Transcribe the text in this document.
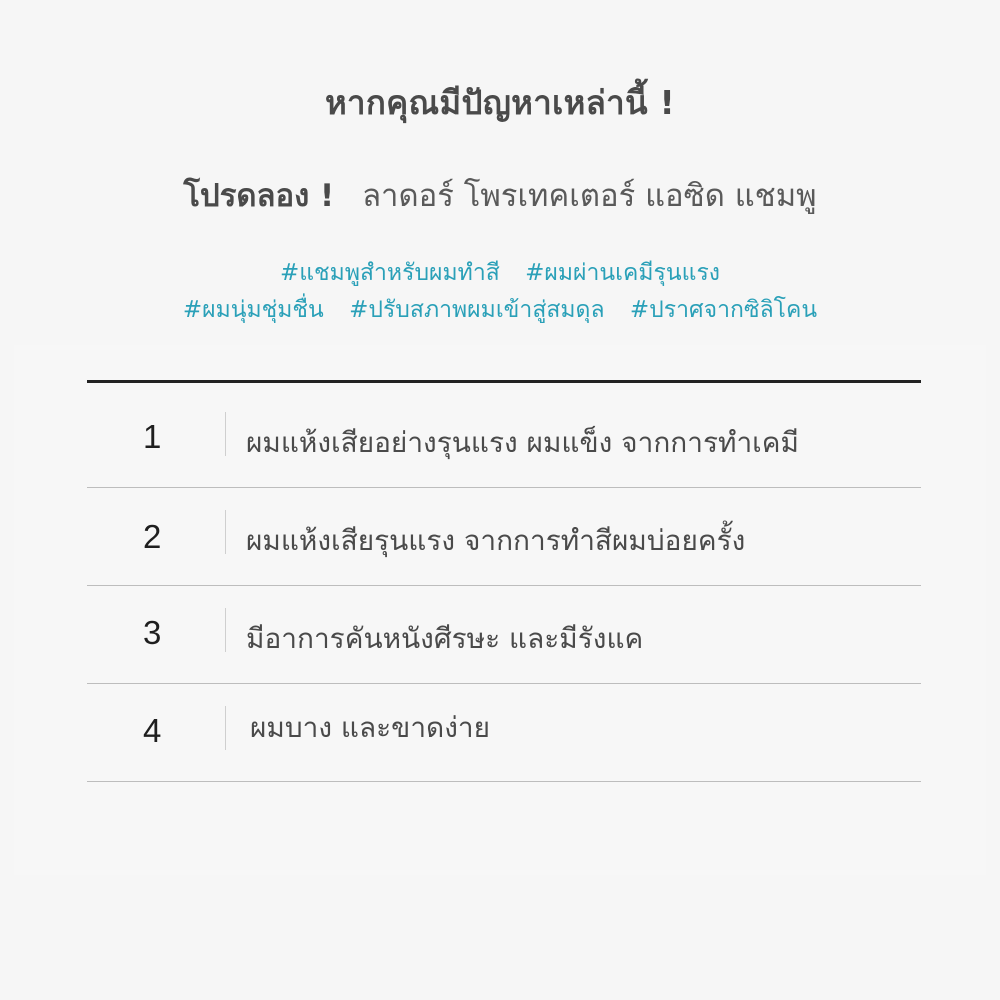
หากคุณมีปัญหาเหล่านี้ !
โปรดลอง ! ลาดอร์ โพรเทคเตอร์ แอซิด แชมพู
#แชมพูสำหรับผมทำสี #ผมผ่านเคมีรุนแรง
#ผมนุ่มชุ่มชื่น #ปรับสภาพผมเข้าสู่สมดุล #ปราศจากซิลิโคน
1	ผมแห้งเสียอย่างรุนแรง ผมแข็ง จากการทำเคมี
2	ผมแห้งเสียรุนแรง จากการทำสีผมบ่อยครั้ง
3	มีอาการคันหนังศีรษะ และมีรังแค
4	ผมบาง และขาดง่าย
